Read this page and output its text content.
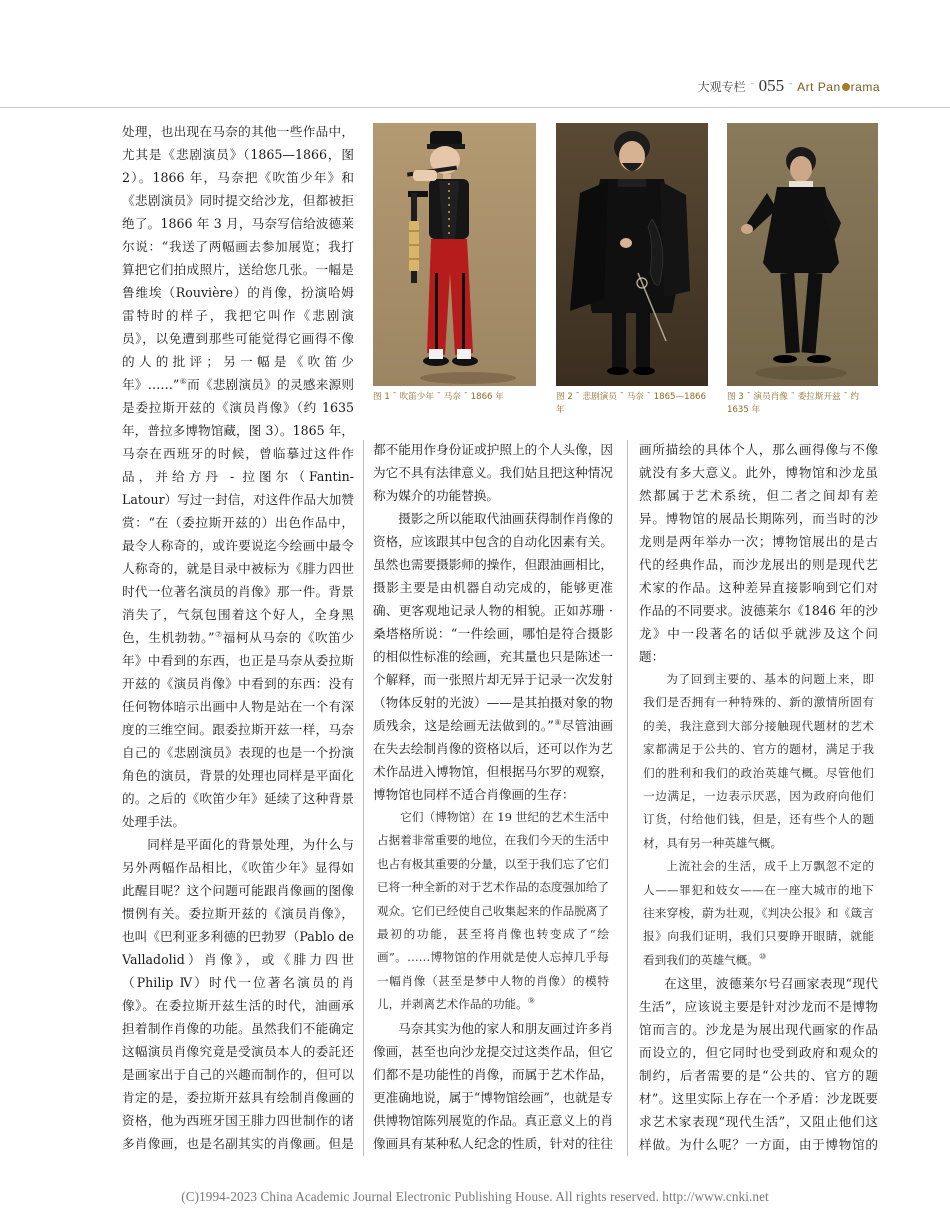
大观专栏 ¯ 055 ¯ Art Pan rama
图 1 ¯ 吹笛少年 ¯ 马奈 ¯ 1866 年	图 2 ¯ 悲剧演员 ¯ 马奈 ¯ 1865—1866 年
图 3 ¯ 演员肖像 ¯ 委拉斯开兹 ¯ 约 1635 年

处理，也出现在马奈的其他一些作品中，尤其是《悲剧演员》（1865—1866，图 2）。1866 年，马奈把《吹笛少年》和《悲剧演员》同时提交给沙龙，但都被拒绝了。1866 年 3 月，马奈写信给波德莱尔说：“我送了两幅画去参加展览；我打算把它们拍成照片，送给您几张。一幅是鲁维埃（Rouvière）的肖像，扮演哈姆雷特时的样子，我把它叫作《悲剧演员》，以免遭到那些可能觉得它画得不像的人的批评；另一幅是《吹笛少年》……”⑥而《悲剧演员》的灵感来源则是委拉斯开兹的《演员肖像》（约 1635 年，普拉多博物馆藏，图 3）。1865 年，马奈在西班牙的时候，曾临摹过这件作品，并给方丹 - 拉图尔（Fantin-Latour）写过一封信，对这件作品大加赞赏：“在（委拉斯开兹的）出色作品中，最令人称奇的，或许要说迄今绘画中最令人称奇的，就是目录中被标为《腓力四世时代一位著名演员的肖像》那一件。背景消失了，气氛包围着这个好人，全身黑色，生机勃勃。”⑦福柯从马奈的《吹笛少年》中看到的东西，也正是马奈从委拉斯开兹的《演员肖像》中看到的东西：没有任何物体暗示出画中人物是站在一个有深度的三维空间。跟委拉斯开兹一样，马奈自己的《悲剧演员》表现的也是一个扮演角色的演员，背景的处理也同样是平面化的。之后的《吹笛少年》延续了这种背景处理手法。

同样是平面化的背景处理，为什么与另外两幅作品相比，《吹笛少年》显得如此醒目呢？这个问题可能跟肖像画的图像惯例有关。委拉斯开兹的《演员肖像》，也叫《巴利亚多利德的巴勃罗（Pablo de Valladolid）肖像》，或《腓力四世（Philip Ⅳ）时代一位著名演员的肖像》。在委拉斯开兹生活的时代，油画承担着制作肖像的功能。虽然我们不能确定这幅演员肖像究竟是受演员本人的委託还是画家出于自己的兴趣而制作的，但可以肯定的是，委拉斯开兹具有绘制肖像画的资格，他为西班牙国王腓力四世制作的诸多肖像画，也是名副其实的肖像画。但是

都不能用作身份证或护照上的个人头像，因为它不具有法律意义。我们姑且把这种情况称为媒介的功能替换。

摄影之所以能取代油画获得制作肖像的资格，应该跟其中包含的自动化因素有关。虽然也需要摄影师的操作，但跟油画相比，摄影主要是由机器自动完成的，能够更准确、更客观地记录人物的相貌。正如苏珊 · 桑塔格所说：“一件绘画，哪怕是符合摄影的相似性标准的绘画，充其量也只是陈述一个解释，而一张照片却无异于记录一次发射（物体反射的光波）——是其拍摄对象的物质残余，这是绘画无法做到的。”⑧尽管油画在失去绘制肖像的资格以后，还可以作为艺术作品进入博物馆，但根据马尔罗的观察，博物馆也同样不适合肖像画的生存：

它们（博物馆）在 19 世纪的艺术生活中占据着非常重要的地位，在我们今天的生活中也占有极其重要的分量，以至于我们忘了它们已将一种全新的对于艺术作品的态度强加给了观众。它们已经使自己收集起来的作品脱离了最初的功能，甚至将肖像也转变成了“绘画”。……博物馆的作用就是使人忘掉几乎每一幅肖像（甚至是梦中人物的肖像）的模特儿，并剥离艺术作品的功能。⑨

马奈其实为他的家人和朋友画过许多肖像画，甚至也向沙龙提交过这类作品，但它们都不是功能性的肖像，而属于艺术作品，更准确地说，属于“博物馆绘画”，也就是专供博物馆陈列展览的作品。真正意义上的肖像画具有某种私人纪念的性质，针对的往往

画所描绘的具体个人，那么画得像与不像就没有多大意义。此外，博物馆和沙龙虽然都属于艺术系统，但二者之间却有差异。博物馆的展品长期陈列，而当时的沙龙则是两年举办一次；博物馆展出的是古代的经典作品，而沙龙展出的则是现代艺术家的作品。这种差异直接影响到它们对作品的不同要求。波德莱尔《1846 年的沙龙》中一段著名的话似乎就涉及这个问题：

为了回到主要的、基本的问题上来，即我们是否拥有一种特殊的、新的激情所固有的美，我注意到大部分接触现代题材的艺术家都满足于公共的、官方的题材，满足于我们的胜利和我们的政治英雄气概。尽管他们一边满足，一边表示厌恶，因为政府向他们订货，付给他们钱，但是，还有些个人的题材，具有另一种英雄气概。

上流社会的生活，成千上万飘忽不定的人——罪犯和妓女——在一座大城市的地下往来穿梭，蔚为壮观，《判决公报》和《箴言报》向我们证明，我们只要睁开眼睛，就能看到我们的英雄气概。⑩

在这里，波德莱尔号召画家表现“现代生活”，应该说主要是针对沙龙而不是博物馆而言的。沙龙是为展出现代画家的作品而设立的，但它同时也受到政府和观众的制约，后者需要的是“公共的、官方的题材”。这里实际上存在一个矛盾：沙龙既要求艺术家表现“现代生活”，又阻止他们这样做。为什么呢？一方面，由于博物馆的

(C)1994-2023 China Academic Journal Electronic Publishing House. All rights reserved. http://www.cnki.net
